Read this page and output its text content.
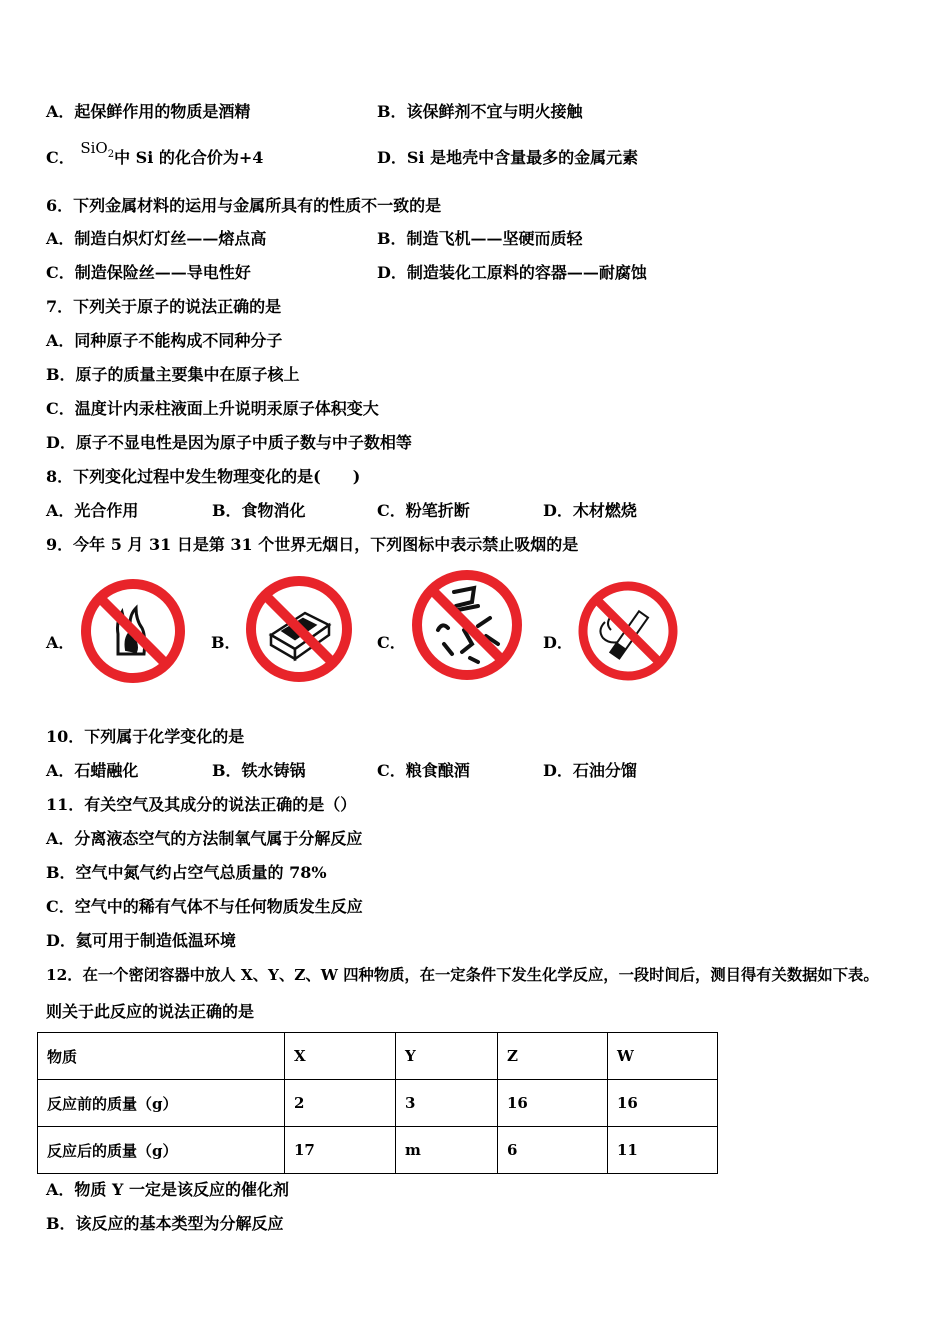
A．起保鲜作用的物质是酒精	B．该保鲜剂不宜与明火接触
C． SiO$_2$中 Si 的化合价为+4	D．Si 是地壳中含量最多的金属元素
6．下列金属材料的运用与金属所具有的性质不一致的是
A．制造白炽灯灯丝——熔点高	B．制造飞机——坚硬而质轻
C．制造保险丝——导电性好	D．制造装化工原料的容器——耐腐蚀
7．下列关于原子的说法正确的是
A．同种原子不能构成不同种分子
B．原子的质量主要集中在原子核上
C．温度计内汞柱液面上升说明汞原子体积变大
D．原子不显电性是因为原子中质子数与中子数相等
8．下列变化过程中发生物理变化的是(　　)
A．光合作用	B．食物消化	C．粉笔折断	D．木材燃烧
9．今年 5 月 31 日是第 31 个世界无烟日，下列图标中表示禁止吸烟的是
A．	B．	C．	D．
10．下列属于化学变化的是
A．石蜡融化	B．铁水铸锅	C．粮食酿酒	D．石油分馏
11．有关空气及其成分的说法正确的是（）
A．分离液态空气的方法制氧气属于分解反应
B．空气中氮气约占空气总质量的 78%
C．空气中的稀有气体不与任何物质发生反应
D．氦可用于制造低温环境
12．在一个密闭容器中放人 X、Y、Z、W 四种物质，在一定条件下发生化学反应，一段时间后，测目得有关数据如下表。
则关于此反应的说法正确的是
物质	X	Y	Z	W
反应前的质量（g）	2	3	16	16
反应后的质量（g）	17	m	6	11
A．物质 Y 一定是该反应的催化剂
B．该反应的基本类型为分解反应
